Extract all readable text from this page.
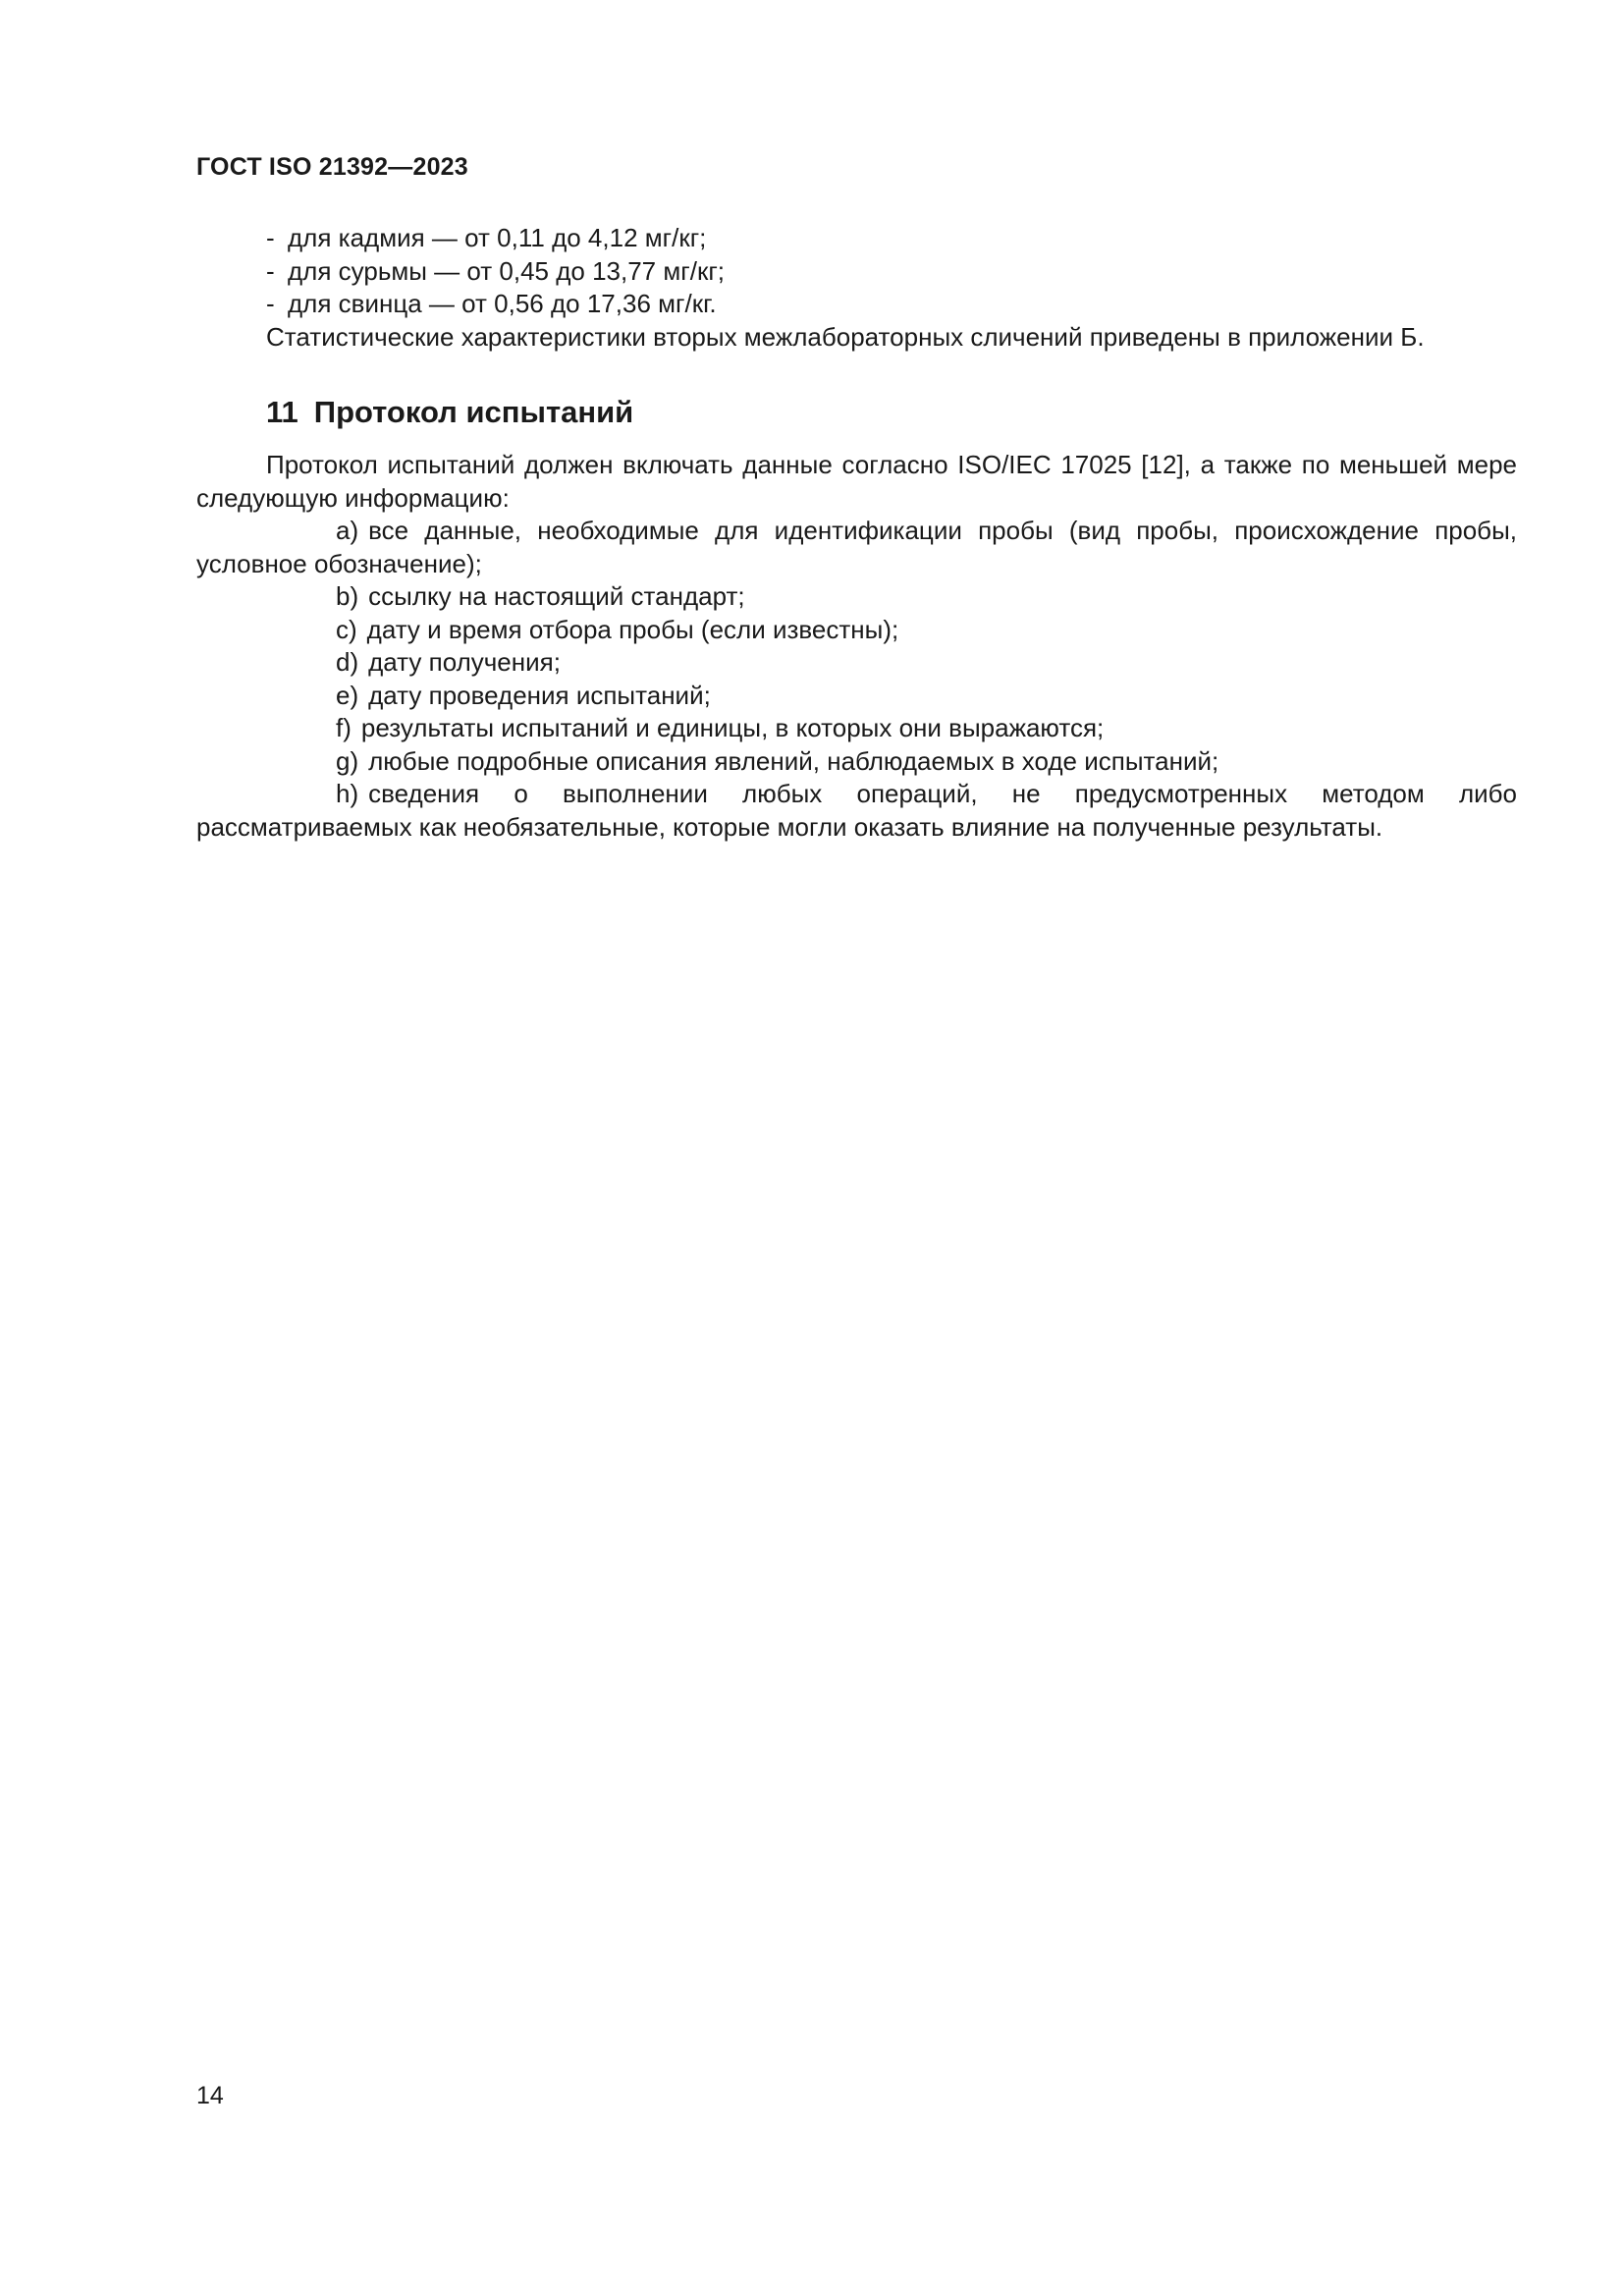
ГОСТ ISO 21392—2023

- для кадмия — от 0,11 до 4,12 мг/кг;

- для сурьмы — от 0,45 до 13,77 мг/кг;

- для свинца — от 0,56 до 17,36 мг/кг.

Статистические характеристики вторых межлабораторных сличений приведены в приложении Б.

11 Протокол испытаний

Протокол испытаний должен включать данные согласно ISO/IEC 17025 [12], а также по меньшей мере следующую информацию:

a) все данные, необходимые для идентификации пробы (вид пробы, происхождение пробы, условное обозначение);

b) ссылку на настоящий стандарт;

c) дату и время отбора пробы (если известны);

d) дату получения;

e) дату проведения испытаний;

f) результаты испытаний и единицы, в которых они выражаются;

g) любые подробные описания явлений, наблюдаемых в ходе испытаний;

h) сведения о выполнении любых операций, не предусмотренных методом либо рассматриваемых как необязательные, которые могли оказать влияние на полученные результаты.

14
